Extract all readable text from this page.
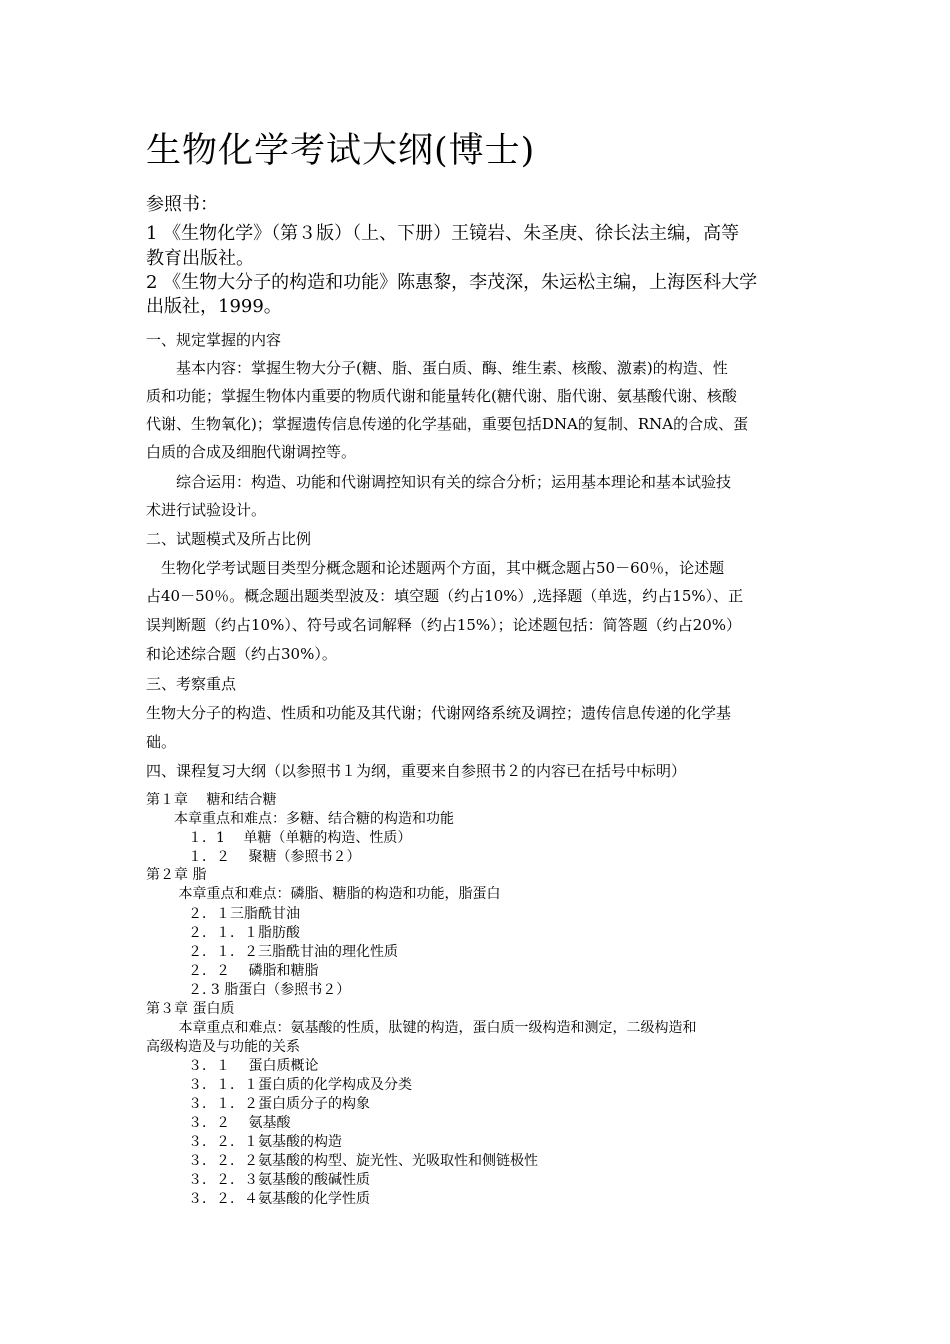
生物化学考试大纲(博士)
参照书：
1 《生物化学》（第３版）（上、下册）王镜岩、朱圣庚、徐长法主编，高等
教育出版社。
2 《生物大分子的构造和功能》陈惠黎，李茂深，朱运松主编，上海医科大学
出版社，1999。
一、规定掌握的内容
　　基本内容：掌握生物大分子(糖、脂、蛋白质、酶、维生素、核酸、激素)的构造、性
质和功能；掌握生物体内重要的物质代谢和能量转化(糖代谢、脂代谢、氨基酸代谢、核酸
代谢、生物氧化)；掌握遗传信息传递的化学基础，重要包括DNA的复制、RNA的合成、蛋
白质的合成及细胞代谢调控等。
　　综合运用：构造、功能和代谢调控知识有关的综合分析；运用基本理论和基本试验技
术进行试验设计。
二、试题模式及所占比例
　生物化学考试题目类型分概念题和论述题两个方面，其中概念题占50－60％，论述题
占40－50％。概念题出题类型波及：填空题（约占10%）,选择题（单选，约占15%）、正
误判断题（约占10%）、符号或名词解释（约占15%）；论述题包括：简答题（约占20%）
和论述综合题（约占30%）。
三、考察重点
生物大分子的构造、性质和功能及其代谢；代谢网络系统及调控；遗传信息传递的化学基
础。
四、课程复习大纲（以参照书１为纲，重要来自参照书２的内容已在括号中标明）
第１章　 糖和结合糖
　　本章重点和难点：多糖、结合糖的构造和功能
　　　１．1　 单糖（单糖的构造、性质）
　　　１．２　 聚糖（参照书２）
第２章 脂
　　 本章重点和难点：磷脂、糖脂的构造和功能，脂蛋白
　　　２．１三脂酰甘油
　　　２．１．１脂肪酸
　　　２．１．２三脂酰甘油的理化性质
　　　２．２　 磷脂和糖脂
　　　２. 3 脂蛋白（参照书２）
第３章 蛋白质
　　 本章重点和难点：氨基酸的性质，肽键的构造，蛋白质一级构造和测定，二级构造和
高级构造及与功能的关系
　　　３．１　 蛋白质概论
　　　３．１．１蛋白质的化学构成及分类
　　　３．１．２蛋白质分子的构象
　　　３．２　 氨基酸
　　　３．２．１氨基酸的构造
　　　３．２．２氨基酸的构型、旋光性、光吸取性和侧链极性
　　　３．２．３氨基酸的酸碱性质
　　　３．２．４氨基酸的化学性质
